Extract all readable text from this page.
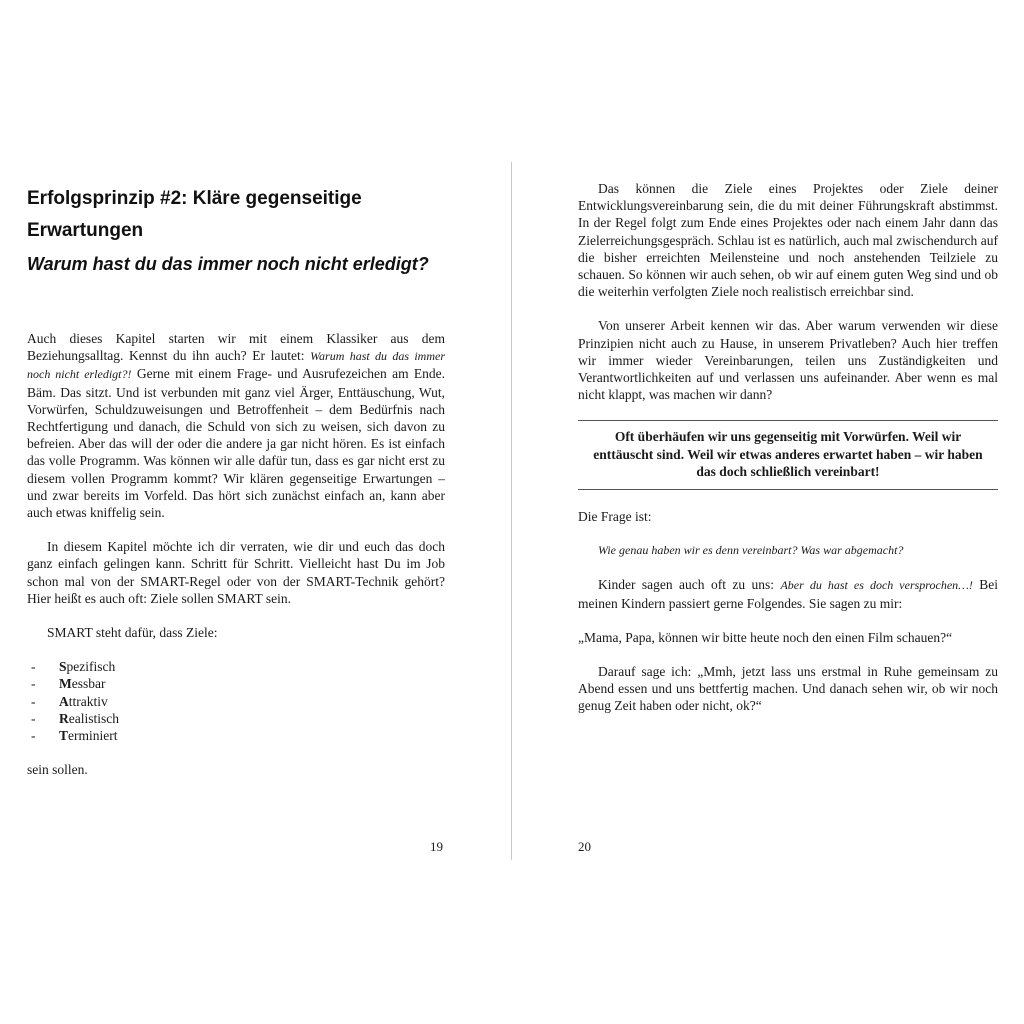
Erfolgsprinzip #2: Kläre gegenseitige
Erwartungen
Warum hast du das immer noch nicht erledigt?

Auch dieses Kapitel starten wir mit einem Klassiker aus dem Beziehungsalltag. Kennst du ihn auch? Er lautet: Warum hast du das immer noch nicht erledigt?! Gerne mit einem Frage- und Ausrufezeichen am Ende. Bäm. Das sitzt. Und ist verbunden mit ganz viel Ärger, Enttäuschung, Wut, Vorwürfen, Schuldzuweisungen und Betroffenheit – dem Bedürfnis nach Rechtfertigung und danach, die Schuld von sich zu weisen, sich davon zu befreien. Aber das will der oder die andere ja gar nicht hören. Es ist einfach das volle Programm. Was können wir alle dafür tun, dass es gar nicht erst zu diesem vollen Programm kommt? Wir klären gegenseitige Erwartungen – und zwar bereits im Vorfeld. Das hört sich zunächst einfach an, kann aber auch etwas kniffelig sein.

In diesem Kapitel möchte ich dir verraten, wie dir und euch das doch ganz einfach gelingen kann. Schritt für Schritt. Vielleicht hast Du im Job schon mal von der SMART-Regel oder von der SMART-Technik gehört? Hier heißt es auch oft: Ziele sollen SMART sein.

SMART steht dafür, dass Ziele:

-	Spezifisch
-	Messbar
-	Attraktiv
-	Realistisch
-	Terminiert

sein sollen.

19

Das können die Ziele eines Projektes oder Ziele deiner Entwicklungsvereinbarung sein, die du mit deiner Führungskraft abstimmst. In der Regel folgt zum Ende eines Projektes oder nach einem Jahr dann das Zielerreichungsgespräch. Schlau ist es natürlich, auch mal zwischendurch auf die bisher erreichten Meilensteine und noch anstehenden Teilziele zu schauen. So können wir auch sehen, ob wir auf einem guten Weg sind und ob die weiterhin verfolgten Ziele noch realistisch erreichbar sind.

Von unserer Arbeit kennen wir das. Aber warum verwenden wir diese Prinzipien nicht auch zu Hause, in unserem Privatleben? Auch hier treffen wir immer wieder Vereinbarungen, teilen uns Zuständigkeiten und Verantwortlichkeiten auf und verlassen uns aufeinander. Aber wenn es mal nicht klappt, was machen wir dann?

Oft überhäufen wir uns gegenseitig mit Vorwürfen. Weil wir enttäuscht sind. Weil wir etwas anderes erwartet haben – wir haben das doch schließlich vereinbart!

Die Frage ist:

Wie genau haben wir es denn vereinbart? Was war abgemacht?

Kinder sagen auch oft zu uns: Aber du hast es doch versprochen…! Bei meinen Kindern passiert gerne Folgendes. Sie sagen zu mir:

„Mama, Papa, können wir bitte heute noch den einen Film schauen?“

Darauf sage ich: „Mmh, jetzt lass uns erstmal in Ruhe gemeinsam zu Abend essen und uns bettfertig machen. Und danach sehen wir, ob wir noch genug Zeit haben oder nicht, ok?“

20
